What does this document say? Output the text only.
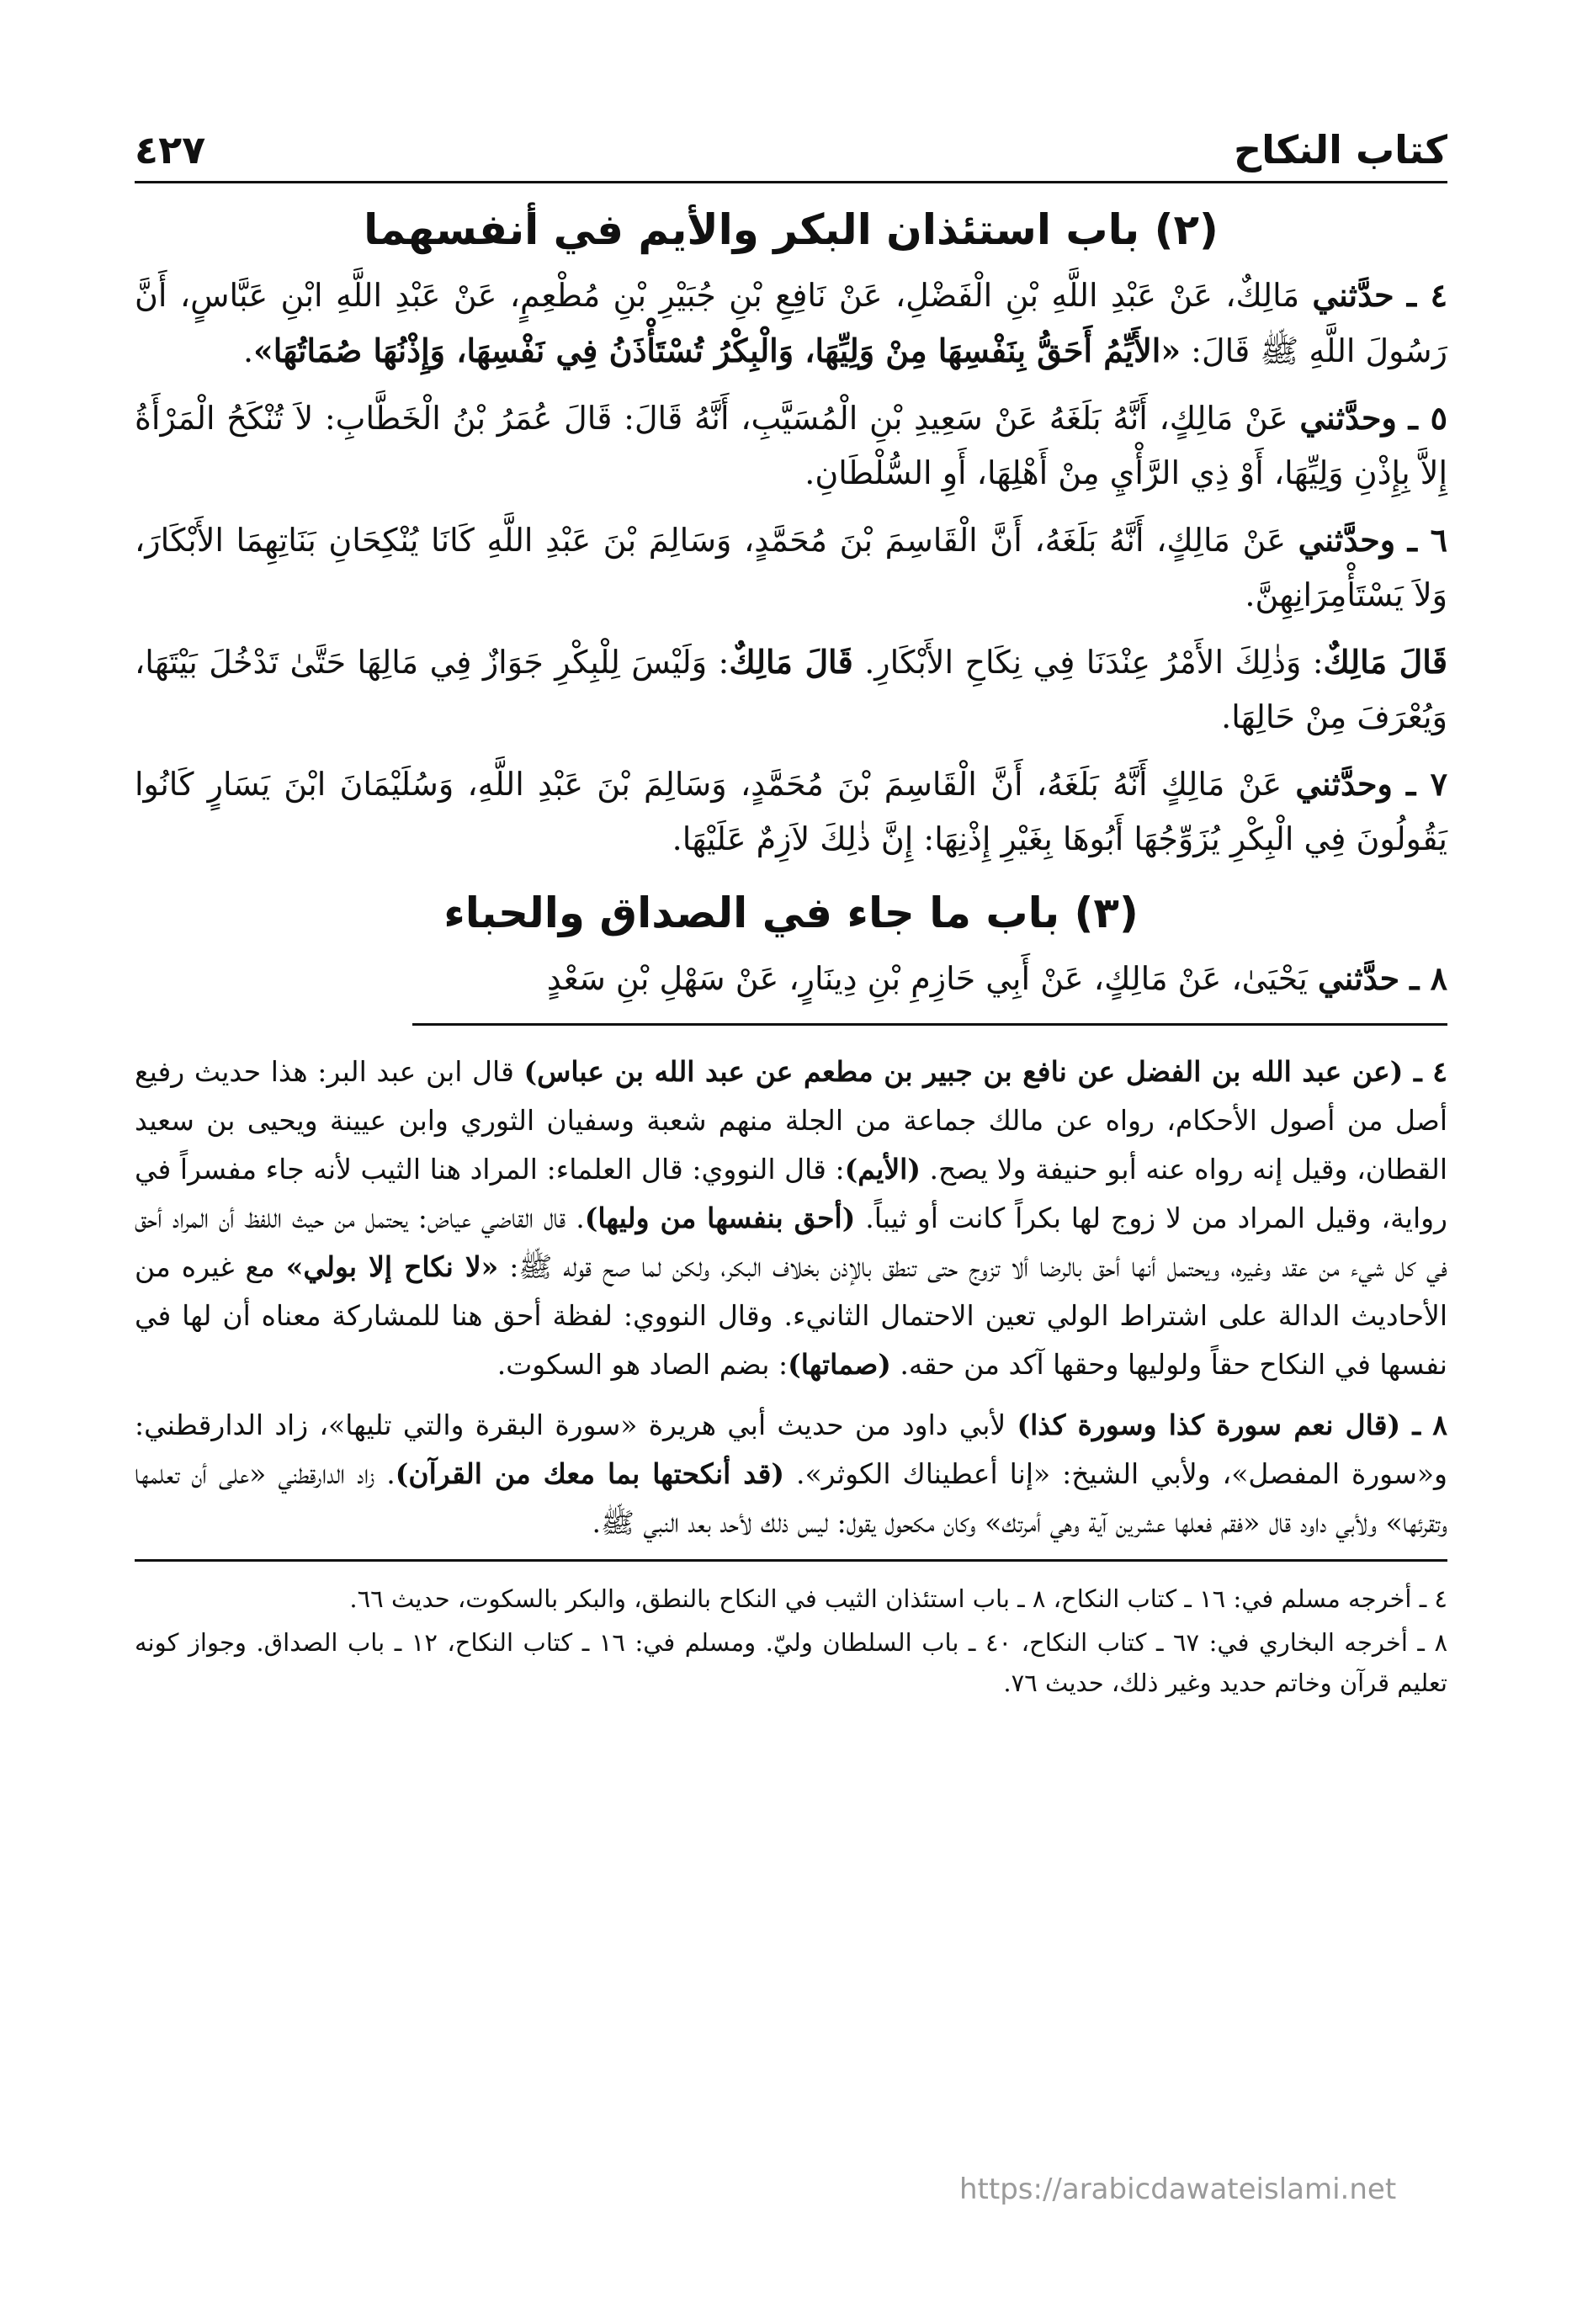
كتاب النكاح
٤٢٧
(٢) باب استئذان البكر والأيم في أنفسهما

٤ ـ حدَّثني مَالِكٌ، عَنْ عَبْدِ اللَّهِ بْنِ الْفَضْلِ، عَنْ نَافِعِ بْنِ جُبَيْرِ بْنِ مُطْعِمٍ، عَنْ عَبْدِ اللَّهِ ابْنِ عَبَّاسٍ، أَنَّ رَسُولَ اللَّهِ ﷺ قَالَ: «الأَيِّمُ أَحَقُّ بِنَفْسِهَا مِنْ وَلِيِّهَا، وَالْبِكْرُ تُسْتَأْذَنُ فِي نَفْسِهَا، وَإِذْنُهَا صُمَاتُهَا».

٥ ـ وحدَّثني عَنْ مَالِكٍ، أَنَّهُ بَلَغَهُ عَنْ سَعِيدِ بْنِ الْمُسَيَّبِ، أَنَّهُ قَالَ: قَالَ عُمَرُ بْنُ الْخَطَّابِ: لاَ تُنْكَحُ الْمَرْأَةُ إِلاَّ بِإِذْنِ وَلِيِّهَا، أَوْ ذِي الرَّأْيِ مِنْ أَهْلِهَا، أَوِ السُّلْطَانِ.

٦ ـ وحدَّثني عَنْ مَالِكٍ، أَنَّهُ بَلَغَهُ، أَنَّ الْقَاسِمَ بْنَ مُحَمَّدٍ، وَسَالِمَ بْنَ عَبْدِ اللَّهِ كَانَا يُنْكِحَانِ بَنَاتِهِمَا الأَبْكَارَ، وَلاَ يَسْتَأْمِرَانِهِنَّ.

قَالَ مَالِكٌ: وَذٰلِكَ الأَمْرُ عِنْدَنَا فِي نِكَاحِ الأَبْكَارِ. قَالَ مَالِكٌ: وَلَيْسَ لِلْبِكْرِ جَوَازٌ فِي مَالِهَا حَتَّىٰ تَدْخُلَ بَيْتَهَا، وَيُعْرَفَ مِنْ حَالِهَا.

٧ ـ وحدَّثني عَنْ مَالِكٍ أَنَّهُ بَلَغَهُ، أَنَّ الْقَاسِمَ بْنَ مُحَمَّدٍ، وَسَالِمَ بْنَ عَبْدِ اللَّهِ، وَسُلَيْمَانَ ابْنَ يَسَارٍ كَانُوا يَقُولُونَ فِي الْبِكْرِ يُزَوِّجُهَا أَبُوهَا بِغَيْرِ إِذْنِهَا: إِنَّ ذٰلِكَ لاَزِمٌ عَلَيْهَا.

(٣) باب ما جاء في الصداق والحباء

٨ ـ حدَّثني يَحْيَىٰ، عَنْ مَالِكٍ، عَنْ أَبِي حَازِمِ بْنِ دِينَارٍ، عَنْ سَهْلِ بْنِ سَعْدٍ

٤ ـ (عن عبد الله بن الفضل عن نافع بن جبير بن مطعم عن عبد الله بن عباس) قال ابن عبد البر: هذا حديث رفيع أصل من أصول الأحكام، رواه عن مالك جماعة من الجلة منهم شعبة وسفيان الثوري وابن عيينة ويحيى بن سعيد القطان، وقيل إنه رواه عنه أبو حنيفة ولا يصح. (الأيم): قال النووي: قال العلماء: المراد هنا الثيب لأنه جاء مفسراً في رواية، وقيل المراد من لا زوج لها بكراً كانت أو ثيباً. (أحق بنفسها من وليها). قال القاضي عياض: يحتمل من حيث اللفظ أن المراد أحق في كل شيء من عقد وغيره، ويحتمل أنها أحق بالرضا ألا تزوج حتى تنطق بالإذن بخلاف البكر، ولكن لما صح قوله ﷺ: «لا نكاح إلا بولي» مع غيره من الأحاديث الدالة على اشتراط الولي تعين الاحتمال الثانيء. وقال النووي: لفظة أحق هنا للمشاركة معناه أن لها في نفسها في النكاح حقاً ولوليها وحقها آكد من حقه. (صماتها): بضم الصاد هو السكوت.

٨ ـ (قال نعم سورة كذا وسورة كذا) لأبي داود من حديث أبي هريرة «سورة البقرة والتي تليها»، زاد الدارقطني: و«سورة المفصل»، ولأبي الشيخ: «إنا أعطيناك الكوثر». (قد أنكحتها بما معك من القرآن). زاد الدارقطني «على أن تعلمها وتقرئها» ولأبي داود قال «فقم فعلها عشرين آية وهي أمرتك» وكان مكحول يقول: ليس ذلك لأحد بعد النبي ﷺ.

٤ ـ أخرجه مسلم في: ١٦ ـ كتاب النكاح، ٨ ـ باب استئذان الثيب في النكاح بالنطق، والبكر بالسكوت، حديث ٦٦.

٨ ـ أخرجه البخاري في: ٦٧ ـ كتاب النكاح، ٤٠ ـ باب السلطان وليّ. ومسلم في: ١٦ ـ كتاب النكاح، ١٢ ـ باب الصداق. وجواز كونه تعليم قرآن وخاتم حديد وغير ذلك، حديث ٧٦.

https://arabicdawateislami.net
